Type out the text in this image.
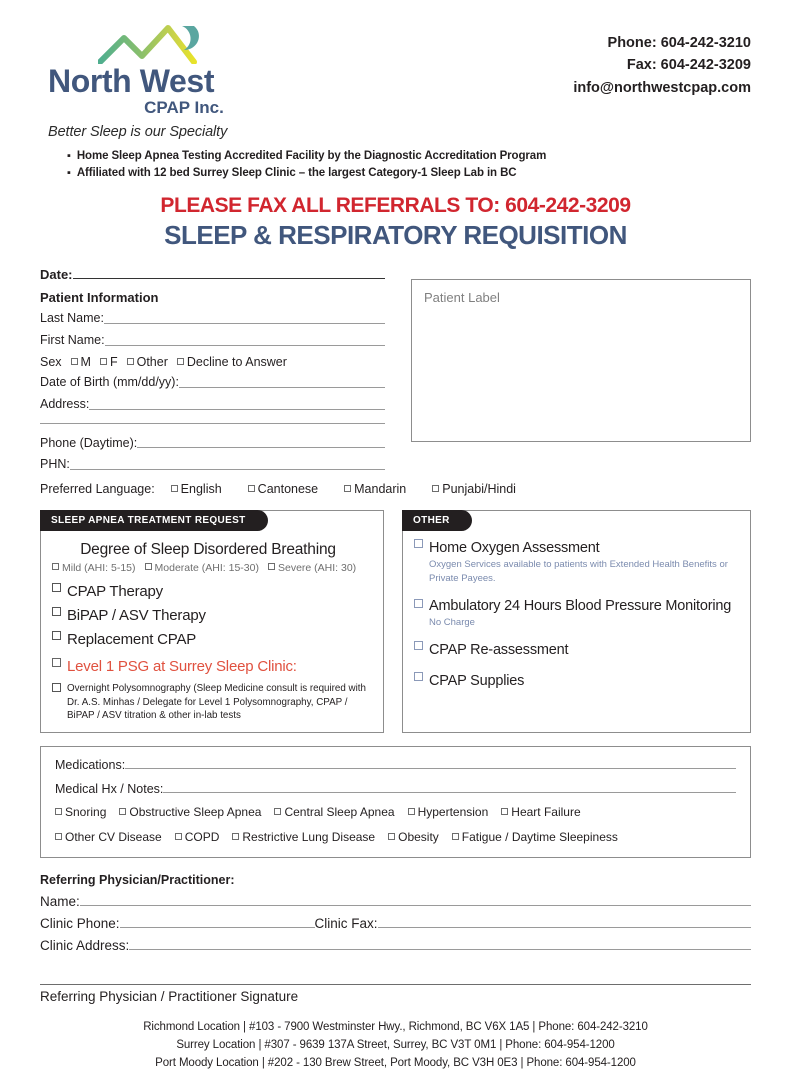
North West
CPAP Inc.
Better Sleep is our Specialty
Phone: 604-242-3210
Fax: 604-242-3209
info@northwestcpap.com
▪ Home Sleep Apnea Testing Accredited Facility by the Diagnostic Accreditation Program
▪ Affiliated with 12 bed Surrey Sleep Clinic – the largest Category-1 Sleep Lab in BC
PLEASE FAX ALL REFERRALS TO: 604-242-3209
SLEEP & RESPIRATORY REQUISITION
Date:
Patient Information
Last Name:
First Name:
Sex M F Other Decline to Answer
Date of Birth (mm/dd/yy):
Address:
Phone (Daytime):
PHN:
Patient Label
Preferred Language:	English	Cantonese	Mandarin	Punjabi/Hindi
SLEEP APNEA TREATMENT REQUEST
Degree of Sleep Disordered Breathing
Mild (AHI: 5-15)	Moderate (AHI: 15-30)	Severe (AHI: 30)
CPAP Therapy
BiPAP / ASV Therapy
Replacement CPAP
Level 1 PSG at Surrey Sleep Clinic:
Overnight Polysomnography (Sleep Medicine consult is required with Dr. A.S. Minhas / Delegate for Level 1 Polysomnography, CPAP / BiPAP / ASV titration & other in-lab tests
OTHER
Home Oxygen Assessment
Oxygen Services available to patients with Extended Health Benefits or Private Payees.
Ambulatory 24 Hours Blood Pressure Monitoring
No Charge
CPAP Re-assessment
CPAP Supplies
Medications:
Medical Hx / Notes:
Snoring Obstructive Sleep Apnea Central Sleep Apnea Hypertension Heart Failure
Other CV Disease COPD Restrictive Lung Disease Obesity Fatigue / Daytime Sleepiness
Referring Physician/Practitioner:
Name:
Clinic Phone:	Clinic Fax:
Clinic Address:
Referring Physician / Practitioner Signature
Richmond Location | #103 - 7900 Westminster Hwy., Richmond, BC V6X 1A5 | Phone: 604-242-3210
Surrey Location | #307 - 9639 137A Street, Surrey, BC V3T 0M1 | Phone: 604-954-1200
Port Moody Location | #202 - 130 Brew Street, Port Moody, BC V3H 0E3 | Phone: 604-954-1200
